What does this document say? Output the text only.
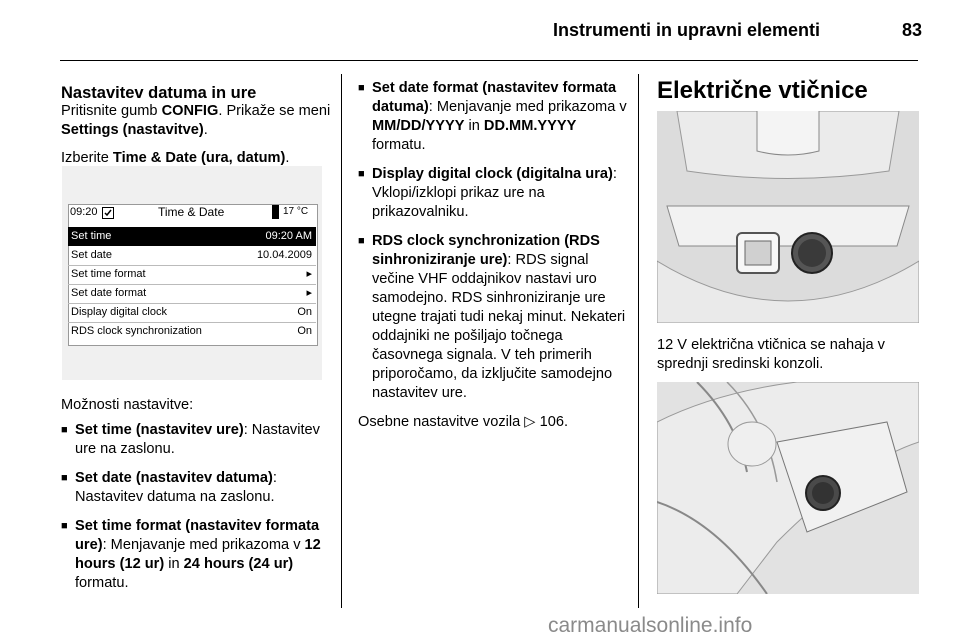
Instrumenti in upravni elementi	83
Nastavitev datuma in ure

Pritisnite gumb CONFIG. Prikaže se meni Settings (nastavitve).

Izberite Time & Date (ura, datum).

09:20	Time & Date	17 °C
Set time	09:20 AM
Set date	10.04.2009
Set time format	▸
Set date format	▸
Display digital clock	On
RDS clock synchronization	On

Možnosti nastavitve:

■ Set time (nastavitev ure): Nastavitev ure na zaslonu.
■ Set date (nastavitev datuma): Nastavitev datuma na zaslonu.
■ Set time format (nastavitev formata ure): Menjavanje med prikazoma v 12 hours (12 ur) in 24 hours (24 ur) formatu.
■ Set date format (nastavitev formata datuma): Menjavanje med prikazoma v MM/DD/YYYY in DD.MM.YYYY formatu.
■ Display digital clock (digitalna ura): Vklopi/izklopi prikaz ure na prikazovalniku.
■ RDS clock synchronization (RDS sinhroniziranje ure): RDS signal večine VHF oddajnikov nastavi uro samodejno. RDS sinhroniziranje ure utegne trajati tudi nekaj minut. Nekateri oddajniki ne pošiljajo točnega časovnega signala. V teh primerih priporočamo, da izključite samodejno nastavitev ure.

Osebne nastavitve vozila ▷ 106.

Električne vtičnice
12 V električna vtičnica se nahaja v sprednji sredinski konzoli.
carmanualsonline.info
